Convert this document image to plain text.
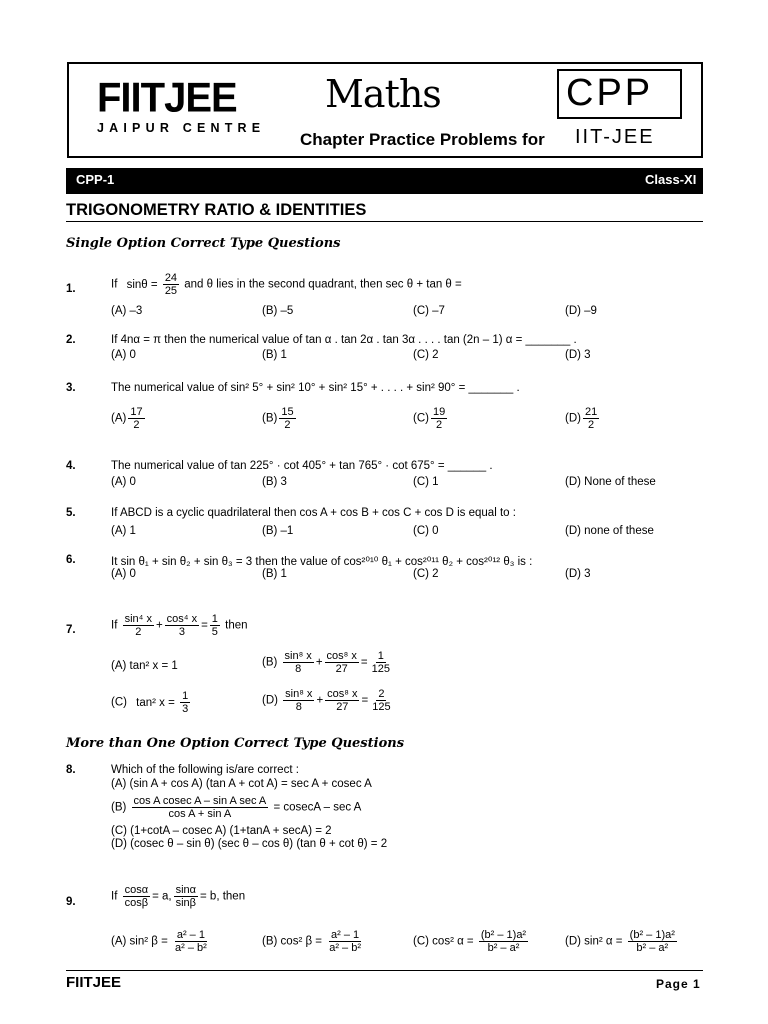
FIITJEE
JAIPUR CENTRE
Maths	CPP
Chapter Practice Problems for IIT-JEE
CPP-1	Class-XI
TRIGONOMETRY RATIO & IDENTITIES
Single Option Correct Type Questions
1.	If $\sin\theta = \frac{24}{25}$ and θ lies in the second quadrant, then sec θ + tan θ =
(A) –3	(B) –5	(C) –7	(D) –9
2.	If 4nα = π then the numerical value of tan α . tan 2α . tan 3α . . . . tan (2n – 1) α = _______ .
(A) 0	(B) 1	(C) 2	(D) 3
3.	The numerical value of sin² 5° + sin² 10° + sin² 15° + . . . . + sin² 90° = _______ .
$(A) \frac{17}{2}$	$(B) \frac{15}{2}$	$(C) \frac{19}{2}$	$(D) \frac{21}{2}$
4.	The numerical value of tan 225° · cot 405° + tan 765° · cot 675° = ______ .
(A) 0	(B) 3	(C) 1	(D) None of these
5.	If ABCD is a cyclic quadrilateral then cos A + cos B + cos C + cos D is equal to :
(A) 1	(B) –1	(C) 0	(D) none of these
6.	It sin θ₁ + sin θ₂ + sin θ₃ = 3 then the value of cos²⁰¹⁰ θ₁ + cos²⁰¹¹ θ₂ + cos²⁰¹² θ₃ is :
(A) 0	(B) 1	(C) 2	(D) 3
7.	If $\frac{\text{sin⁴ x}}{2} + \frac{\text{cos⁴ x}}{3} = \frac{1}{5}$ then
(A) tan² x = 1	$(B) \frac{\text{sin⁸ x}}{8} + \frac{\text{cos⁸ x}}{27} = \frac{1}{125}$
(C) tan² $x = \frac{1}{3}$	$(D) \frac{\text{sin⁸ x}}{8} + \frac{\text{cos⁸ x}}{27} = \frac{2}{125}$
More than One Option Correct Type Questions
8.	Which of the following is/are correct :
(A) (sin A + cos A) (tan A + cot A) = sec A + cosec A
$(B) \frac{\text{cos A cosec A – sin A sec A}}{\text{cos A + sin A}} = cosecA - \sec A$
(C) (1+cotA – cosec A) (1+tanA + secA) = 2
(D) (cosec θ – sin θ) (sec θ – cos θ) (tan θ + cot θ) = 2
9.	If $\frac{\cos\alpha}{\cos\beta} = a$, $\frac{\sin\alpha}{\sin\beta} = b$, then
(A) sin² $\beta = \frac{\text{a² – 1}}{\text{a² – b²}}$	(B) cos² $\beta = \frac{\text{a² – 1}}{\text{a² – b²}}$	(C) cos² $\alpha = \frac{\text{(b² – 1)a²}}{\text{b² – a²}}$	(D) sin² $\alpha = \frac{\text{(b² – 1)a²}}{\text{b² – a²}}$
FIITJEE	Page 1
